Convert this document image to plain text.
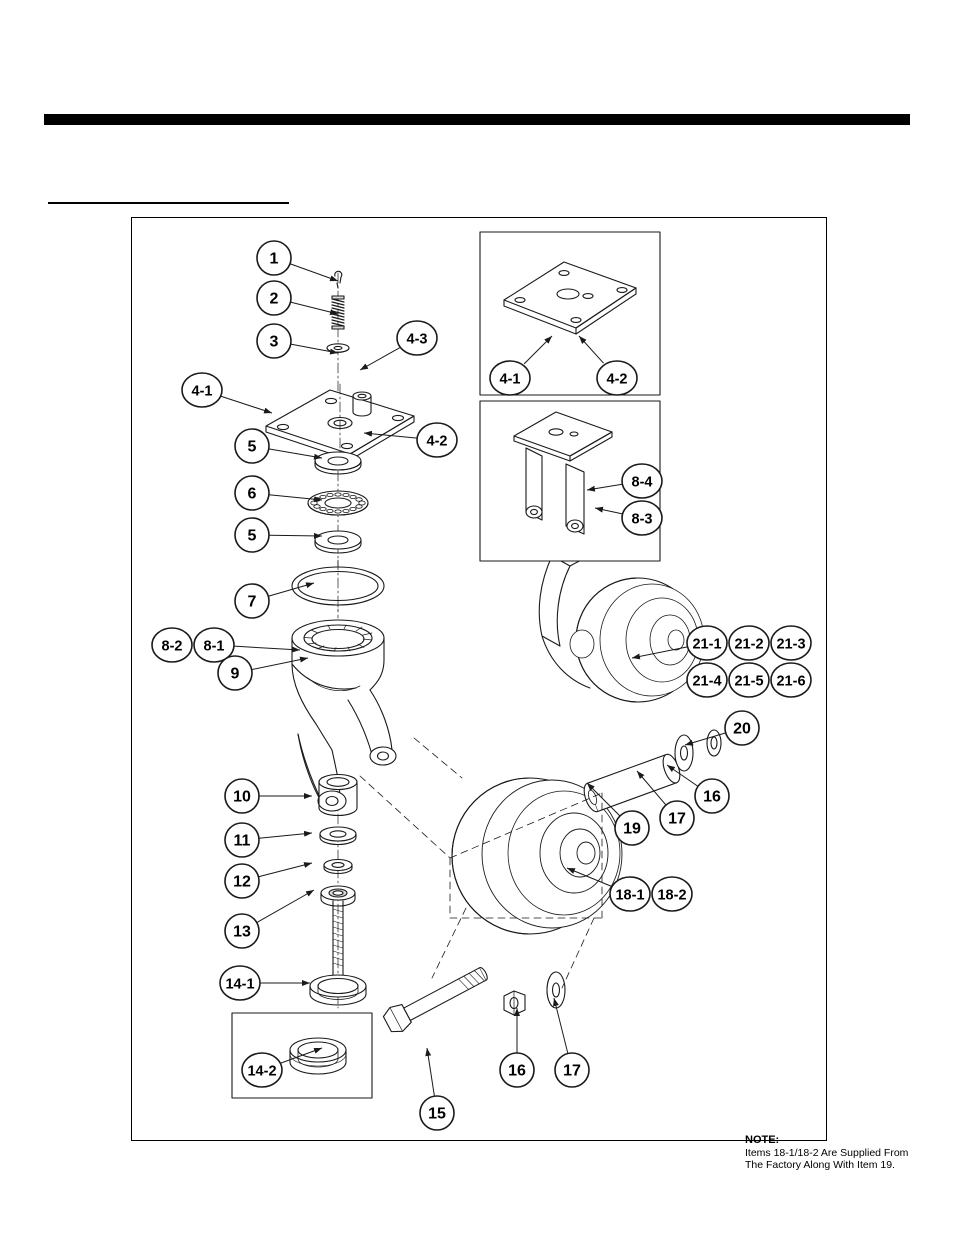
1
2
3	4-3
4-1
4-2
5
6
5
7
8-2 8-1
9
10
11
12
13
14-1
14-2
15
16 17
18-1 18-2
19
20
16
17
21-1 21-2 21-3
21-4 21-5 21-6
4-1	4-2
8-4
8-3
NOTE:
Items 18-1/18-2 Are Supplied From
The Factory Along With Item 19.
